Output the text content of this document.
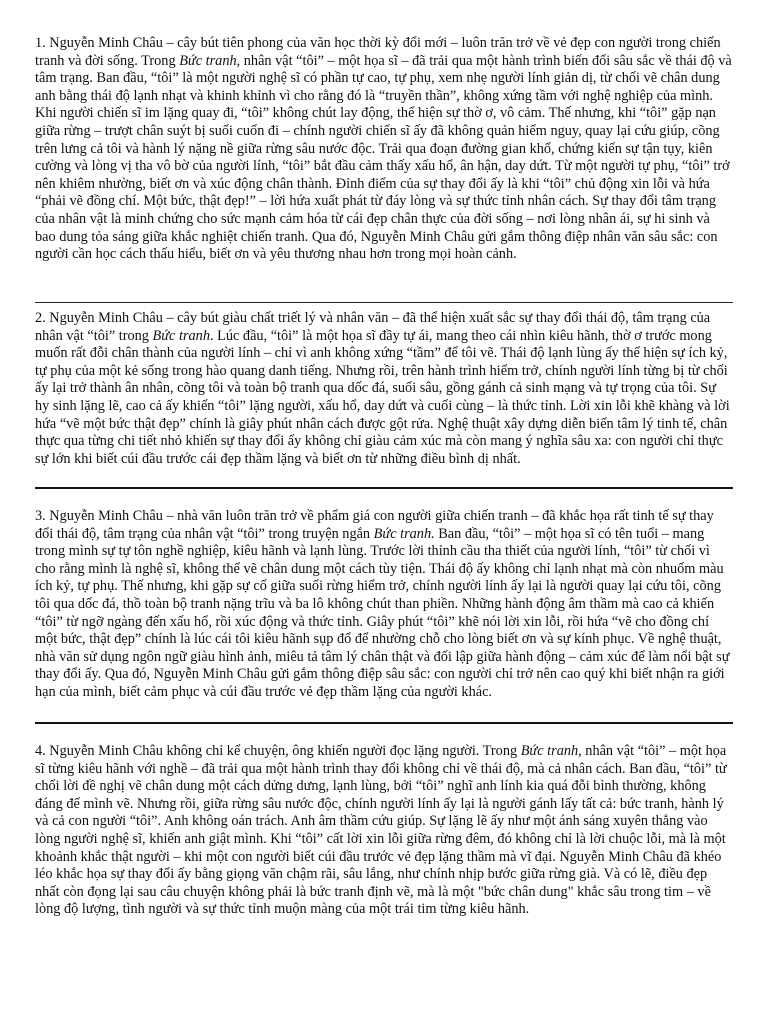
1. Nguyễn Minh Châu – cây bút tiên phong của văn học thời kỳ đổi mới – luôn trăn trở về vẻ đẹp con người trong chiến tranh và đời sống. Trong Bức tranh, nhân vật “tôi” – một họa sĩ – đã trải qua một hành trình biến đổi sâu sắc về thái độ và tâm trạng. Ban đầu, “tôi” là một người nghệ sĩ có phần tự cao, tự phụ, xem nhẹ người lính giản dị, từ chối vẽ chân dung anh bằng thái độ lạnh nhạt và khinh khỉnh vì cho rằng đó là “truyền thần”, không xứng tầm với nghệ nghiệp của mình. Khi người chiến sĩ im lặng quay đi, “tôi” không chút lay động, thể hiện sự thờ ơ, vô cảm. Thế nhưng, khi “tôi” gặp nạn giữa rừng – trượt chân suýt bị suối cuốn đi – chính người chiến sĩ ấy đã không quản hiểm nguy, quay lại cứu giúp, cõng trên lưng cả tôi và hành lý nặng nề giữa rừng sâu nước độc. Trải qua đoạn đường gian khổ, chứng kiến sự tận tụy, kiên cường và lòng vị tha vô bờ của người lính, “tôi” bắt đầu cảm thấy xấu hổ, ân hận, day dứt. Từ một người tự phụ, “tôi” trở nên khiêm nhường, biết ơn và xúc động chân thành. Đỉnh điểm của sự thay đổi ấy là khi “tôi” chủ động xin lỗi và hứa “phải vẽ đồng chí. Một bức, thật đẹp!” – lời hứa xuất phát từ đáy lòng và sự thức tỉnh nhân cách. Sự thay đổi tâm trạng của nhân vật là minh chứng cho sức mạnh cảm hóa từ cái đẹp chân thực của đời sống – nơi lòng nhân ái, sự hi sinh và bao dung tỏa sáng giữa khắc nghiệt chiến tranh. Qua đó, Nguyễn Minh Châu gửi gắm thông điệp nhân văn sâu sắc: con người cần học cách thấu hiểu, biết ơn và yêu thương nhau hơn trong mọi hoàn cảnh.

2. Nguyễn Minh Châu – cây bút giàu chất triết lý và nhân văn – đã thể hiện xuất sắc sự thay đổi thái độ, tâm trạng của nhân vật “tôi” trong Bức tranh. Lúc đầu, “tôi” là một họa sĩ đầy tự ái, mang theo cái nhìn kiêu hãnh, thờ ơ trước mong muốn rất đỗi chân thành của người lính – chỉ vì anh không xứng “tầm” để tôi vẽ. Thái độ lạnh lùng ấy thể hiện sự ích kỷ, tự phụ của một kẻ sống trong hào quang danh tiếng. Nhưng rồi, trên hành trình hiểm trở, chính người lính từng bị từ chối ấy lại trở thành ân nhân, cõng tôi và toàn bộ tranh qua dốc đá, suối sâu, gồng gánh cả sinh mạng và tự trọng của tôi. Sự hy sinh lặng lẽ, cao cả ấy khiến “tôi” lặng người, xấu hổ, day dứt và cuối cùng – là thức tỉnh. Lời xin lỗi khẽ khàng và lời hứa “vẽ một bức thật đẹp” chính là giây phút nhân cách được gột rửa. Nghệ thuật xây dựng diễn biến tâm lý tinh tế, chân thực qua từng chi tiết nhỏ khiến sự thay đổi ấy không chỉ giàu cảm xúc mà còn mang ý nghĩa sâu xa: con người chỉ thực sự lớn khi biết cúi đầu trước cái đẹp thầm lặng và biết ơn từ những điều bình dị nhất.

3. Nguyễn Minh Châu – nhà văn luôn trăn trở về phẩm giá con người giữa chiến tranh – đã khắc họa rất tinh tế sự thay đổi thái độ, tâm trạng của nhân vật “tôi” trong truyện ngắn Bức tranh. Ban đầu, “tôi” – một họa sĩ có tên tuổi – mang trong mình sự tự tôn nghề nghiệp, kiêu hãnh và lạnh lùng. Trước lời thỉnh cầu tha thiết của người lính, “tôi” từ chối vì cho rằng mình là nghệ sĩ, không thể vẽ chân dung một cách tùy tiện. Thái độ ấy không chỉ lạnh nhạt mà còn nhuốm màu ích kỷ, tự phụ. Thế nhưng, khi gặp sự cố giữa suối rừng hiểm trở, chính người lính ấy lại là người quay lại cứu tôi, cõng tôi qua dốc đá, thồ toàn bộ tranh nặng trĩu và ba lô không chút than phiền. Những hành động âm thầm mà cao cả khiến “tôi” từ ngỡ ngàng đến xấu hổ, rồi xúc động và thức tỉnh. Giây phút “tôi” khẽ nói lời xin lỗi, rồi hứa “vẽ cho đồng chí một bức, thật đẹp” chính là lúc cái tôi kiêu hãnh sụp đổ để nhường chỗ cho lòng biết ơn và sự kính phục. Về nghệ thuật, nhà văn sử dụng ngôn ngữ giàu hình ảnh, miêu tả tâm lý chân thật và đối lập giữa hành động – cảm xúc để làm nổi bật sự thay đổi ấy. Qua đó, Nguyễn Minh Châu gửi gắm thông điệp sâu sắc: con người chỉ trở nên cao quý khi biết nhận ra giới hạn của mình, biết cảm phục và cúi đầu trước vẻ đẹp thầm lặng của người khác.

4. Nguyễn Minh Châu không chỉ kể chuyện, ông khiến người đọc lặng người. Trong Bức tranh, nhân vật “tôi” – một họa sĩ từng kiêu hãnh với nghề – đã trải qua một hành trình thay đổi không chỉ về thái độ, mà cả nhân cách. Ban đầu, “tôi” từ chối lời đề nghị vẽ chân dung một cách dửng dưng, lạnh lùng, bởi “tôi” nghĩ anh lính kia quá đỗi bình thường, không đáng để mình vẽ. Nhưng rồi, giữa rừng sâu nước độc, chính người lính ấy lại là người gánh lấy tất cả: bức tranh, hành lý và cả con người “tôi”. Anh không oán trách. Anh âm thầm cứu giúp. Sự lặng lẽ ấy như một ánh sáng xuyên thẳng vào lòng người nghệ sĩ, khiến anh giật mình. Khi “tôi” cất lời xin lỗi giữa rừng đêm, đó không chỉ là lời chuộc lỗi, mà là một khoảnh khắc thật người – khi một con người biết cúi đầu trước vẻ đẹp lặng thầm mà vĩ đại. Nguyễn Minh Châu đã khéo léo khắc họa sự thay đổi ấy bằng giọng văn chậm rãi, sâu lắng, như chính nhịp bước giữa rừng già. Và có lẽ, điều đẹp nhất còn đọng lại sau câu chuyện không phải là bức tranh định vẽ, mà là một "bức chân dung" khắc sâu trong tim – về lòng độ lượng, tình người và sự thức tỉnh muộn màng của một trái tim từng kiêu hãnh.
